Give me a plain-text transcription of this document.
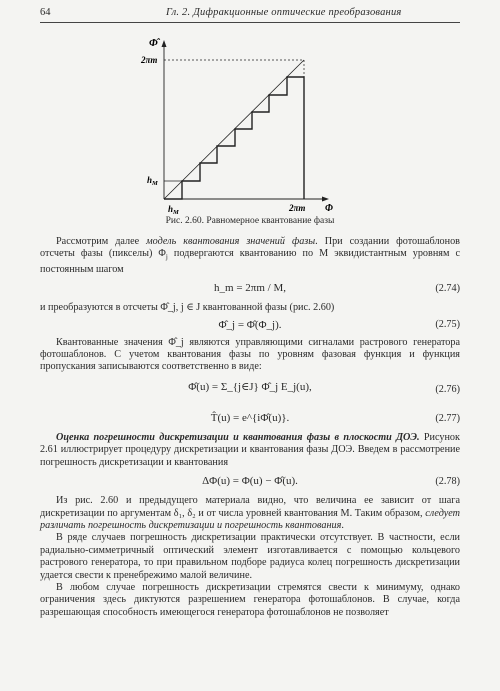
64	Гл. 2. Дифракционные оптические преобразования
Φ̂
2πm
$h_M$
Φ
$h_M$	2πm
Рис. 2.60. Равномерное квантование фазы

Рассмотрим далее модель квантования значений фазы. При создании фотошаблонов отсчеты фазы (пикселы) $\Phi_j$ подвергаются квантованию по M эквидистантным уровням с постоянным шагом

h_m = 2πm / M,	(2.74)

и преобразуются в отсчеты Φ̂_j, j ∈ J квантованной фазы (рис. 2.60)

Φ̂_j = Φ̂(Φ_j).	(2.75)

Квантованные значения Φ̂_j являются управляющими сигналами растрового генератора фотошаблонов. С учетом квантования фазы по уровням фазовая функция и функция пропускания записываются соответственно в виде:

Φ̂(u) = Σ_{j∈J} Φ̂_j E_j(u),	(2.76)
T̂(u) = e^{iΦ̂(u)}.	(2.77)

Оценка погрешности дискретизации и квантования фазы в плоскости ДОЭ. Рисунок 2.61 иллюстрирует процедуру дискретизации и квантования фазы ДОЭ. Введем в рассмотрение погрешность дискретизации и квантования

ΔΦ(u) = Φ(u) − Φ̂(u).	(2.78)

Из рис. 2.60 и предыдущего материала видно, что величина ее зависит от шага дискретизации по аргументам δ₁, δ₂ и от числа уровней квантования M. Таким образом, следует различать погрешность дискретизации и погрешность квантования.

В ряде случаев погрешность дискретизации практически отсутствует. В частности, если радиально-симметричный оптический элемент изготавливается с помощью кольцевого растрового генератора, то при правильном подборе радиуса колец погрешность дискретизации удается свести к пренебрежимо малой величине.

В любом случае погрешность дискретизации стремятся свести к минимуму, однако ограничения здесь диктуются разрешением генератора фотошаблонов. В случае, когда разрешающая способность имеющегося генератора фотошаблонов не позволяет
